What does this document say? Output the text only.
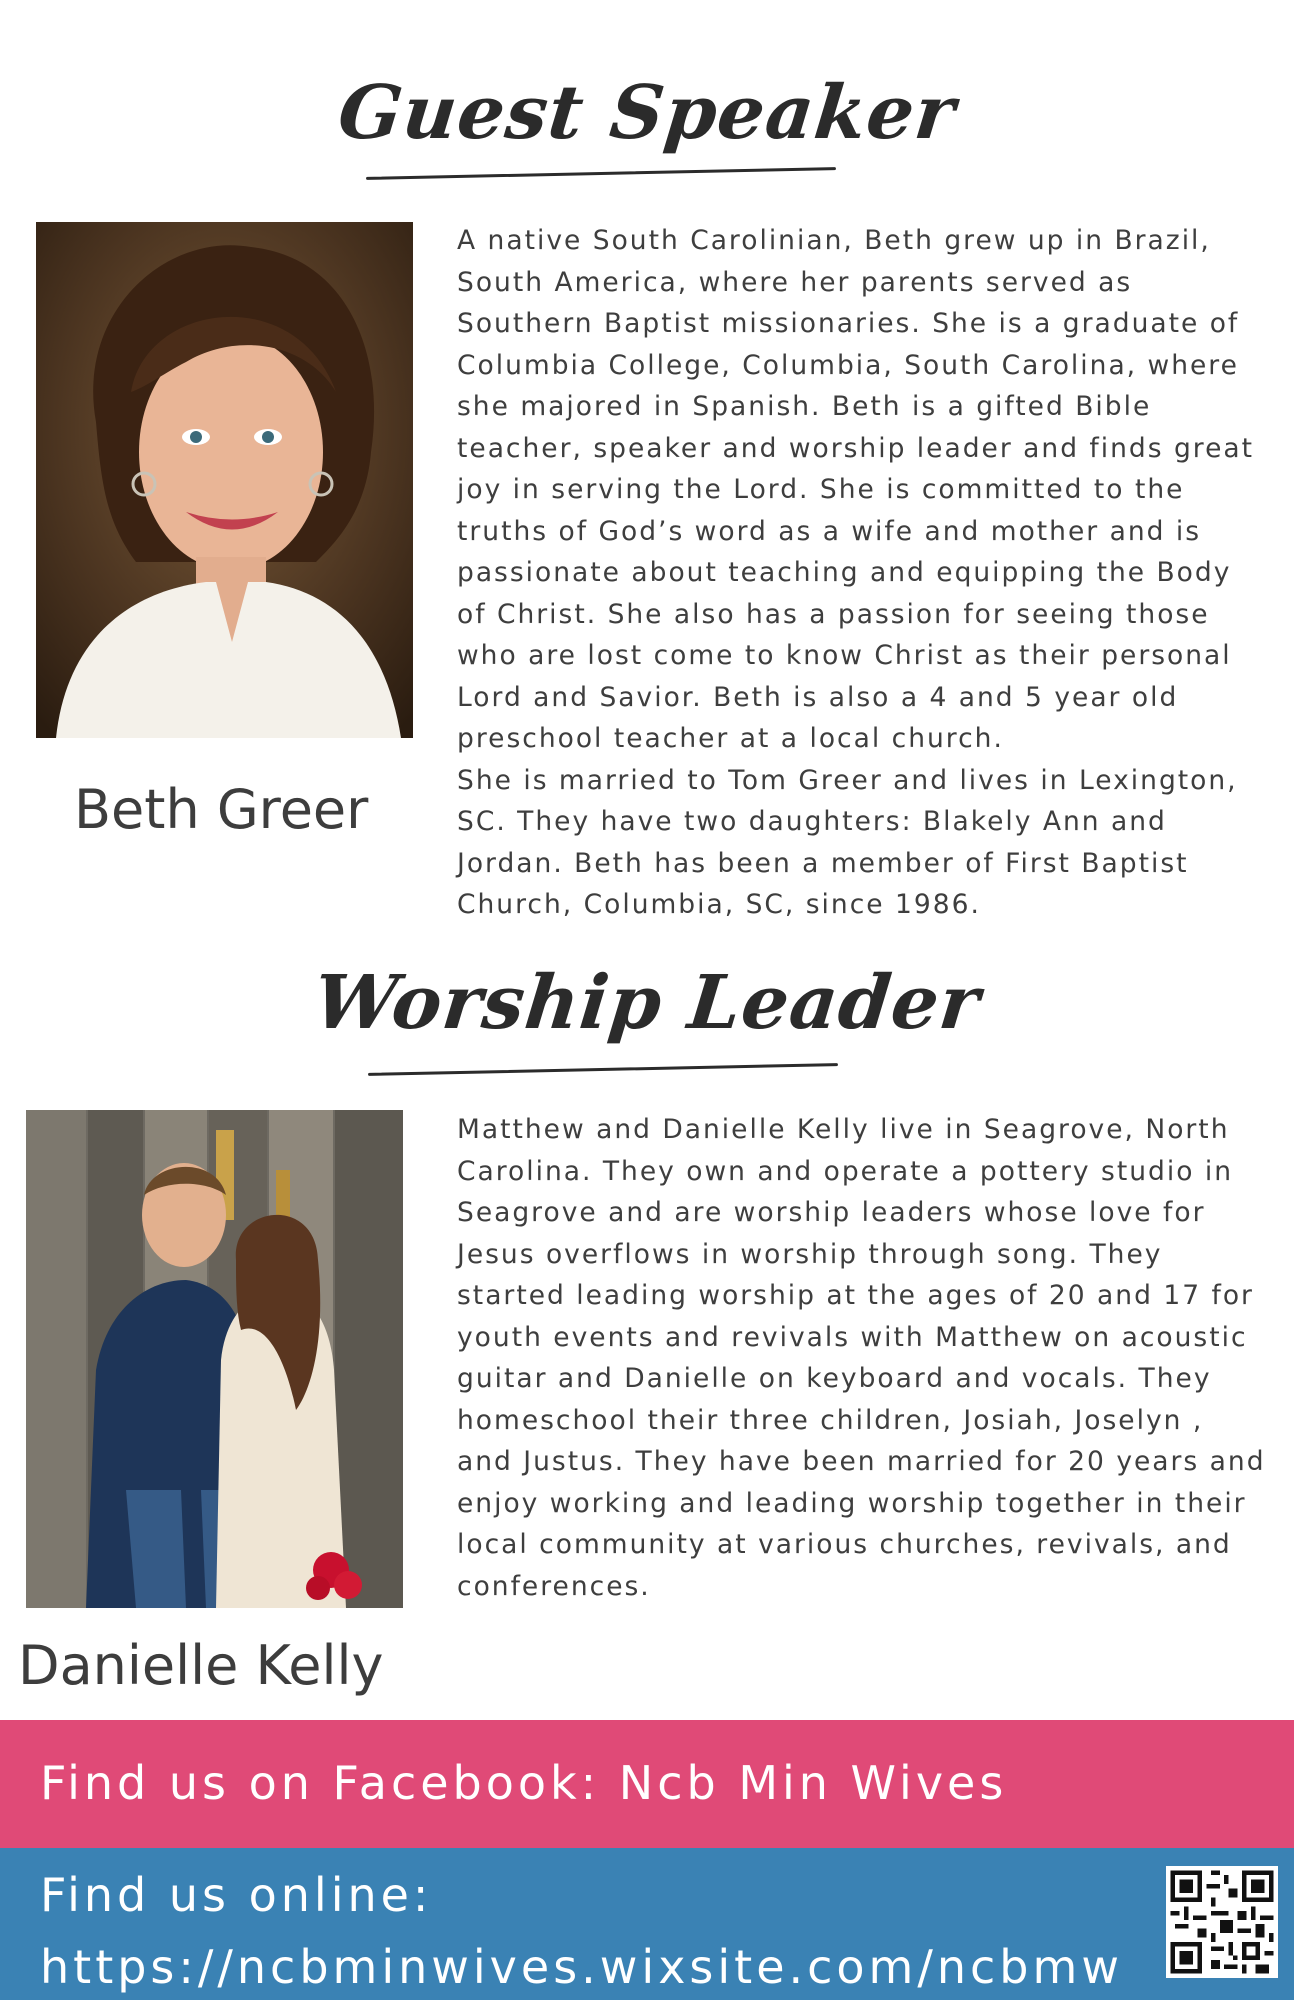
Guest Speaker
A native South Carolinian, Beth grew up in Brazil,
South America, where her parents served as
Southern Baptist missionaries. She is a graduate of
Columbia College, Columbia, South Carolina, where
she majored in Spanish. Beth is a gifted Bible
teacher, speaker and worship leader and finds great
joy in serving the Lord. She is committed to the
truths of God’s word as a wife and mother and is
passionate about teaching and equipping the Body
of Christ. She also has a passion for seeing those
who are lost come to know Christ as their personal
Lord and Savior. Beth is also a 4 and 5 year old
preschool teacher at a local church.
She is married to Tom Greer and lives in Lexington,
SC. They have two daughters: Blakely Ann and
Jordan. Beth has been a member of First Baptist
Church, Columbia, SC, since 1986.

Beth Greer

Worship Leader
Matthew and Danielle Kelly live in Seagrove, North
Carolina. They own and operate a pottery studio in
Seagrove and are worship leaders whose love for
Jesus overflows in worship through song. They
started leading worship at the ages of 20 and 17 for
youth events and revivals with Matthew on acoustic
guitar and Danielle on keyboard and vocals. They
homeschool their three children, Josiah, Joselyn ,
and Justus. They have been married for 20 years and
enjoy working and leading worship together in their
local community at various churches, revivals, and
conferences.

Danielle Kelly

Find us on Facebook: Ncb Min Wives

Find us online:

https://ncbminwives.wixsite.com/ncbmw
